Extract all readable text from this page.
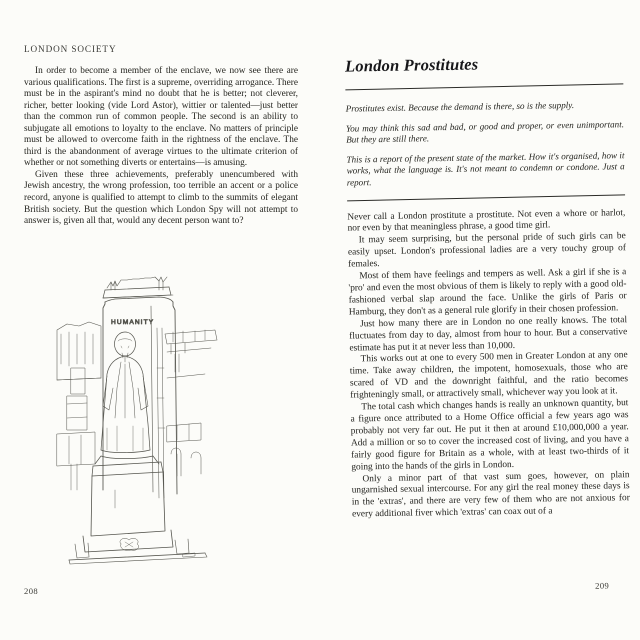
LONDON SOCIETY

In order to become a member of the enclave, we now see there are various qualifications. The first is a supreme, overriding arrogance. There must be in the aspirant's mind no doubt that he is better; not cleverer, richer, better looking (vide Lord Astor), wittier or talented—just better than the common run of common people. The second is an ability to subjugate all emotions to loyalty to the enclave. No matters of principle must be allowed to overcome faith in the rightness of the enclave. The third is the abandonment of average virtues to the ultimate criterion of whether or not something diverts or entertains—is amusing.

Given these three achievements, preferably unencumbered with Jewish ancestry, the wrong profession, too terrible an accent or a police record, anyone is qualified to attempt to climb to the summits of elegant British society. But the question which London Spy will not attempt to answer is, given all that, would any decent person want to?

HUMANITY
208
London Prostitutes

Prostitutes exist. Because the demand is there, so is the supply.

You may think this sad and bad, or good and proper, or even unimportant. But they are still there.

This is a report of the present state of the market. How it's organised, how it works, what the language is. It's not meant to condemn or condone. Just a report.

Never call a London prostitute a prostitute. Not even a whore or harlot, nor even by that meaningless phrase, a good time girl.

It may seem surprising, but the personal pride of such girls can be easily upset. London's professional ladies are a very touchy group of females.

Most of them have feelings and tempers as well. Ask a girl if she is a 'pro' and even the most obvious of them is likely to reply with a good old-fashioned verbal slap around the face. Unlike the girls of Paris or Hamburg, they don't as a general rule glorify in their chosen profession.

Just how many there are in London no one really knows. The total fluctuates from day to day, almost from hour to hour. But a conservative estimate has put it at never less than 10,000.

This works out at one to every 500 men in Greater London at any one time. Take away children, the impotent, homosexuals, those who are scared of VD and the downright faithful, and the ratio becomes frighteningly small, or attractively small, whichever way you look at it.

The total cash which changes hands is really an unknown quantity, but a figure once attributed to a Home Office official a few years ago was probably not very far out. He put it then at around £10,000,000 a year. Add a million or so to cover the increased cost of living, and you have a fairly good figure for Britain as a whole, with at least two-thirds of it going into the hands of the girls in London.

Only a minor part of that vast sum goes, however, on plain ungarnished sexual intercourse. For any girl the real money these days is in the 'extras', and there are very few of them who are not anxious for every additional fiver which 'extras' can coax out of a

209
